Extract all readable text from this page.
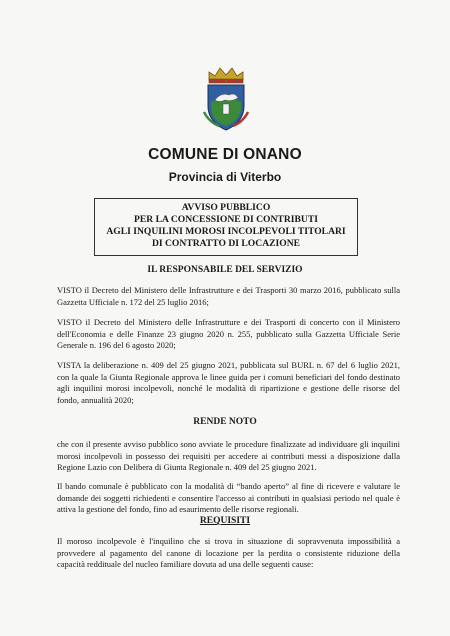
COMUNE DI ONANO
Provincia di Viterbo
AVVISO PUBBLICO
PER LA CONCESSIONE DI CONTRIBUTI
AGLI INQUILINI MOROSI INCOLPEVOLI TITOLARI
DI CONTRATTO DI LOCAZIONE
IL RESPONSABILE DEL SERVIZIO
VISTO il Decreto del Ministero delle Infrastrutture e dei Trasporti 30 marzo 2016, pubblicato sulla
Gazzetta Ufficiale n. 172 del 25 luglio 2016;
VISTO il Decreto del Ministero delle Infrastrutture e dei Trasporti di concerto con il Ministero
dell'Economia e delle Finanze 23 giugno 2020 n. 255, pubblicato sulla Gazzetta Ufficiale Serie
Generale n. 196 del 6 agosto 2020;
VISTA la deliberazione n. 409 del 25 giugno 2021, pubblicata sul BURL n. 67 del 6 luglio 2021,
con la quale la Giunta Regionale approva le linee guida per i comuni beneficiari del fondo destinato
agli inquilini morosi incolpevoli, nonché le modalità di ripartizione e gestione delle risorse del
fondo, annualità 2020;
RENDE NOTO
che con il presente avviso pubblico sono avviate le procedure finalizzate ad individuare gli inquilini
morosi incolpevoli in possesso dei requisiti per accedere ai contributi messi a disposizione dalla
Regione Lazio con Delibera di Giunta Regionale n. 409 del 25 giugno 2021.
Il bando comunale è pubblicato con la modalità di “bando aperto” al fine di ricevere e valutare le
domande dei soggetti richiedenti e consentire l'accesso ai contributi in qualsiasi periodo nel quale è
attiva la gestione del fondo, fino ad esaurimento delle risorse regionali.
REQUISITI
Il moroso incolpevole è l'inquilino che si trova in situazione di sopravvenuta impossibilità a
provvedere al pagamento del canone di locazione per la perdita o consistente riduzione della
capacità reddituale del nucleo familiare dovuta ad una delle seguenti cause:
